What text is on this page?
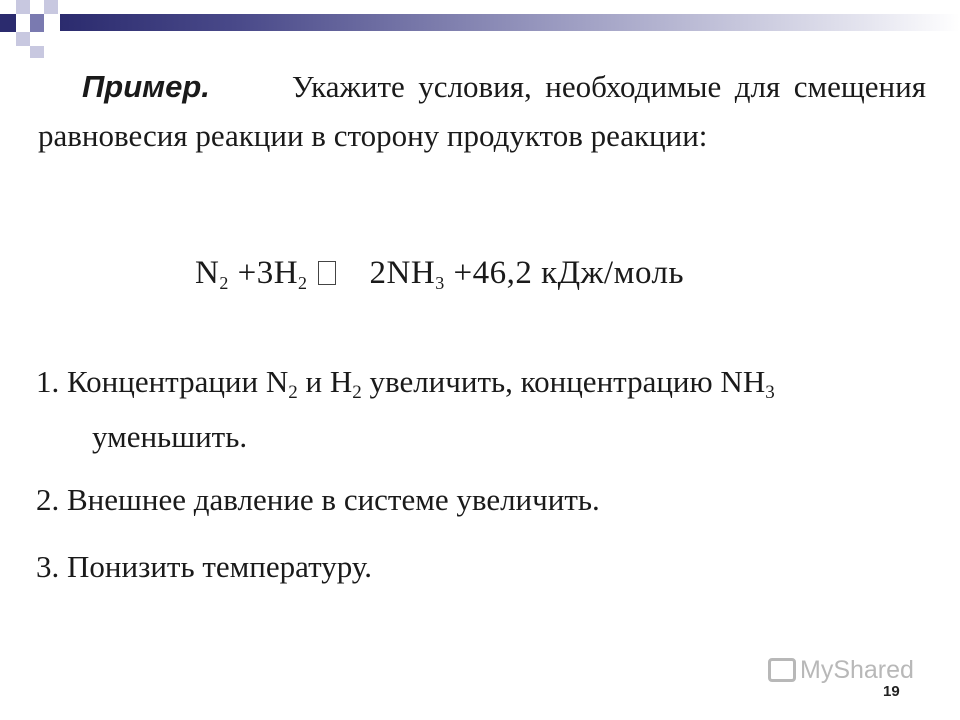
Пример.	Укажите условия, необходимые для смещения равновесия реакции в сторону продуктов реакции:

$N_2 +3H_2$ $2NH_3 +46,2$ кДж/моль
1. Концентрации $N_2$ и $H_2$ увеличить, концентрацию $NH_3$
уменьшить.
2. Внешнее давление в системе увеличить.
3. Понизить температуру.
MyShared
19
